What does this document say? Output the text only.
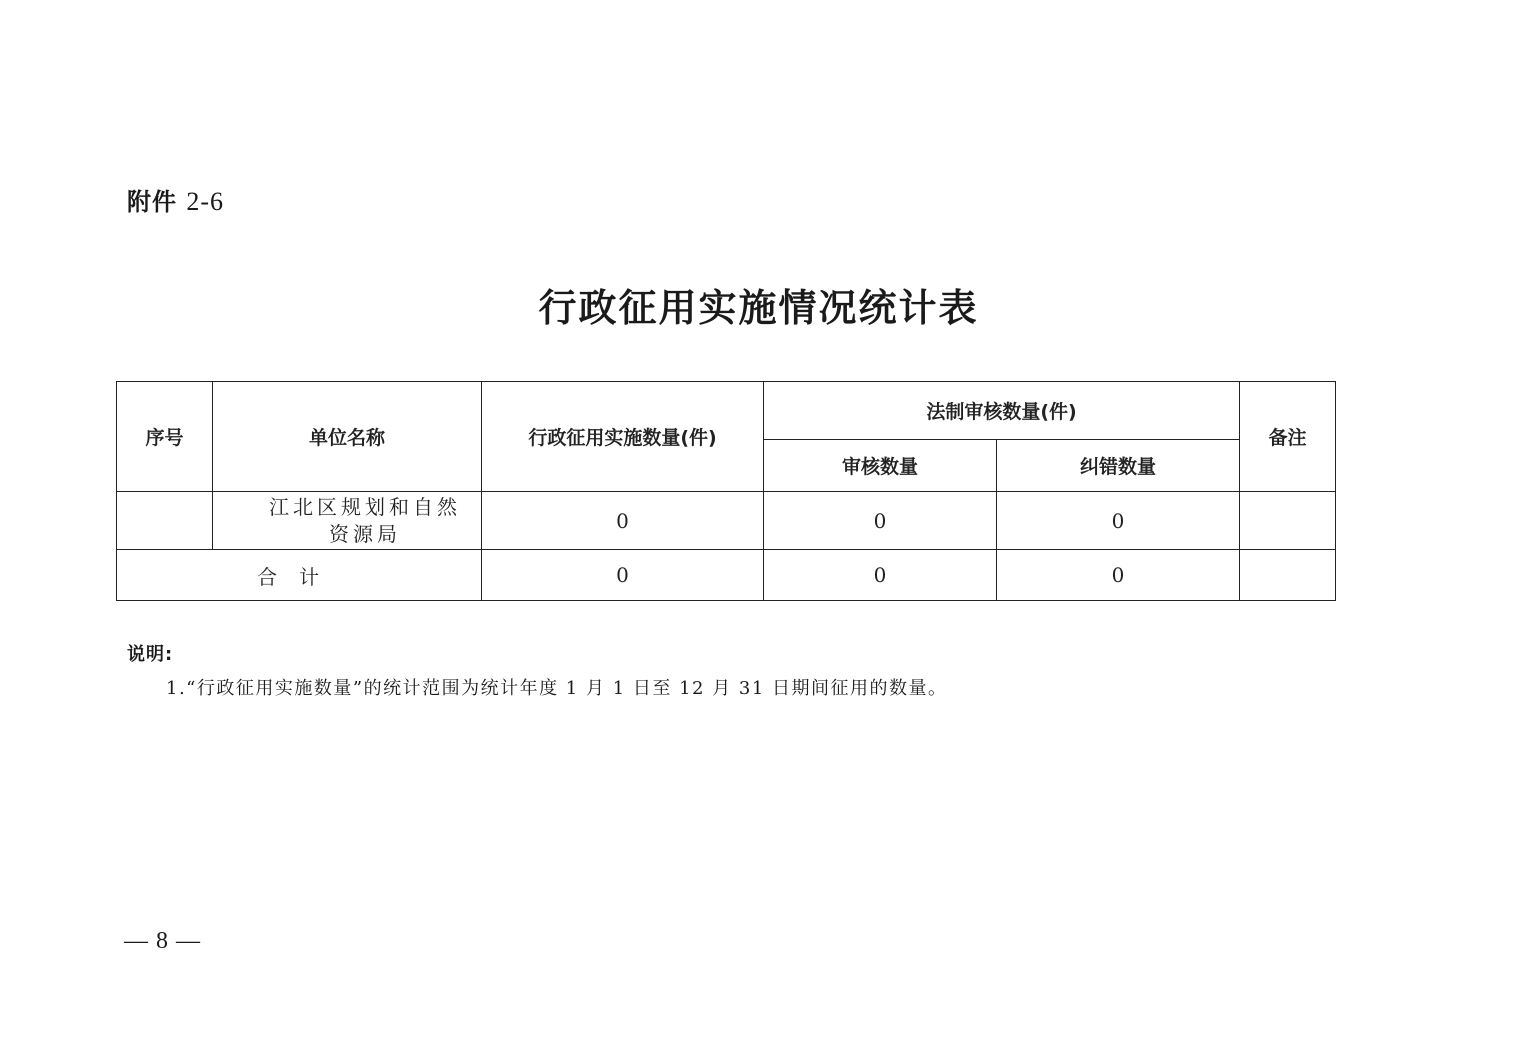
附件 2-6
行政征用实施情况统计表
序号	单位名称	行政征用实施数量(件)	法制审核数量(件)		备注
			审核数量	纠错数量	
	江北区规划和自然资源局	0	0	0	
合计		0	0	0	
说明:
1.“行政征用实施数量”的统计范围为统计年度 1 月 1 日至 12 月 31 日期间征用的数量。
— 8 —
